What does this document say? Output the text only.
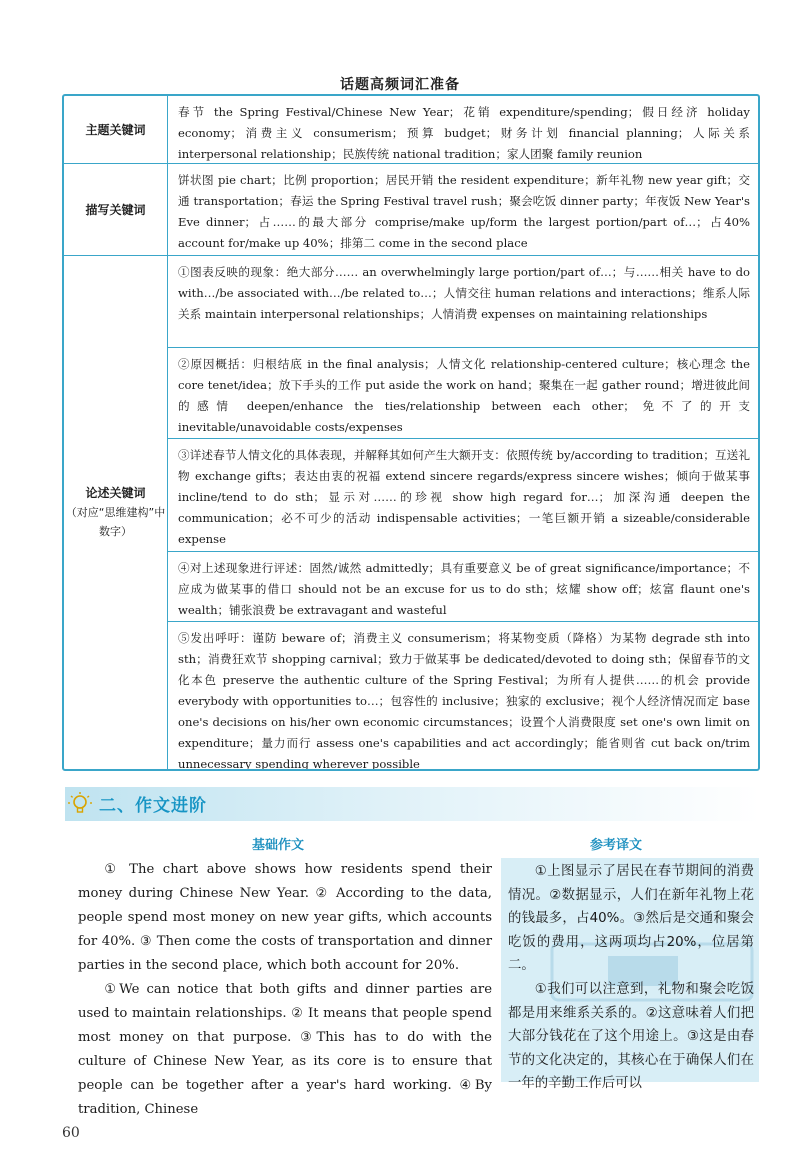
话题高频词汇准备
主题关键词
春节 the Spring Festival/Chinese New Year；花销 expenditure/spending；假日经济 holiday economy；消费主义 consumerism；预算 budget；财务计划 financial planning；人际关系 interpersonal relationship；民族传统 national tradition；家人团聚 family reunion
描写关键词
饼状图 pie chart；比例 proportion；居民开销 the resident expenditure；新年礼物 new year gift；交通 transportation；春运 the Spring Festival travel rush；聚会吃饭 dinner party；年夜饭 New Year's Eve dinner；占……的最大部分 comprise/make up/form the largest portion/part of…；占40% account for/make up 40%；排第二 come in the second place
论述关键词
（对应“思维建构”中数字）
①图表反映的现象：绝大部分…… an overwhelmingly large portion/part of…；与……相关 have to do with…/be associated with…/be related to…；人情交往 human relations and interactions；维系人际关系 maintain interpersonal relationships；人情消费 expenses on maintaining relationships
②原因概括：归根结底 in the final analysis；人情文化 relationship-centered culture；核心理念 the core tenet/idea；放下手头的工作 put aside the work on hand；聚集在一起 gather round；增进彼此间的感情 deepen/enhance the ties/relationship between each other；免不了的开支 inevitable/unavoidable costs/expenses
③详述春节人情文化的具体表现，并解释其如何产生大额开支：依照传统 by/according to tradition；互送礼物 exchange gifts；表达由衷的祝福 extend sincere regards/express sincere wishes；倾向于做某事 incline/tend to do sth；显示对……的珍视 show high regard for…；加深沟通 deepen the communication；必不可少的活动 indispensable activities；一笔巨额开销 a sizeable/considerable expense
④对上述现象进行评述：固然/诚然 admittedly；具有重要意义 be of great significance/importance；不应成为做某事的借口 should not be an excuse for us to do sth；炫耀 show off；炫富 flaunt one's wealth；铺张浪费 be extravagant and wasteful
⑤发出呼吁：谨防 beware of；消费主义 consumerism；将某物变质（降格）为某物 degrade sth into sth；消费狂欢节 shopping carnival；致力于做某事 be dedicated/devoted to doing sth；保留春节的文化本色 preserve the authentic culture of the Spring Festival；为所有人提供……的机会 provide everybody with opportunities to…；包容性的 inclusive；独家的 exclusive；视个人经济情况而定 base one's decisions on his/her own economic circumstances；设置个人消费限度 set one's own limit on expenditure；量力而行 assess one's capabilities and act accordingly；能省则省 cut back on/trim unnecessary spending wherever possible
二、作文进阶
基础作文	参考译文

① The chart above shows how residents spend their money during Chinese New Year. ② According to the data, people spend most money on new year gifts, which accounts for 40%. ③ Then come the costs of transportation and dinner parties in the second place, which both account for 20%.

①We can notice that both gifts and dinner parties are used to maintain relationships. ② It means that people spend most money on that purpose. ③This has to do with the culture of Chinese New Year, as its core is to ensure that people can be together after a year's hard working. ④By tradition, Chinese

①上图显示了居民在春节期间的消费情况。②数据显示，人们在新年礼物上花的钱最多，占40%。③然后是交通和聚会吃饭的费用，这两项均占20%，位居第二。

①我们可以注意到，礼物和聚会吃饭都是用来维系关系的。②这意味着人们把大部分钱花在了这个用途上。③这是由春节的文化决定的，其核心在于确保人们在一年的辛勤工作后可以

60
